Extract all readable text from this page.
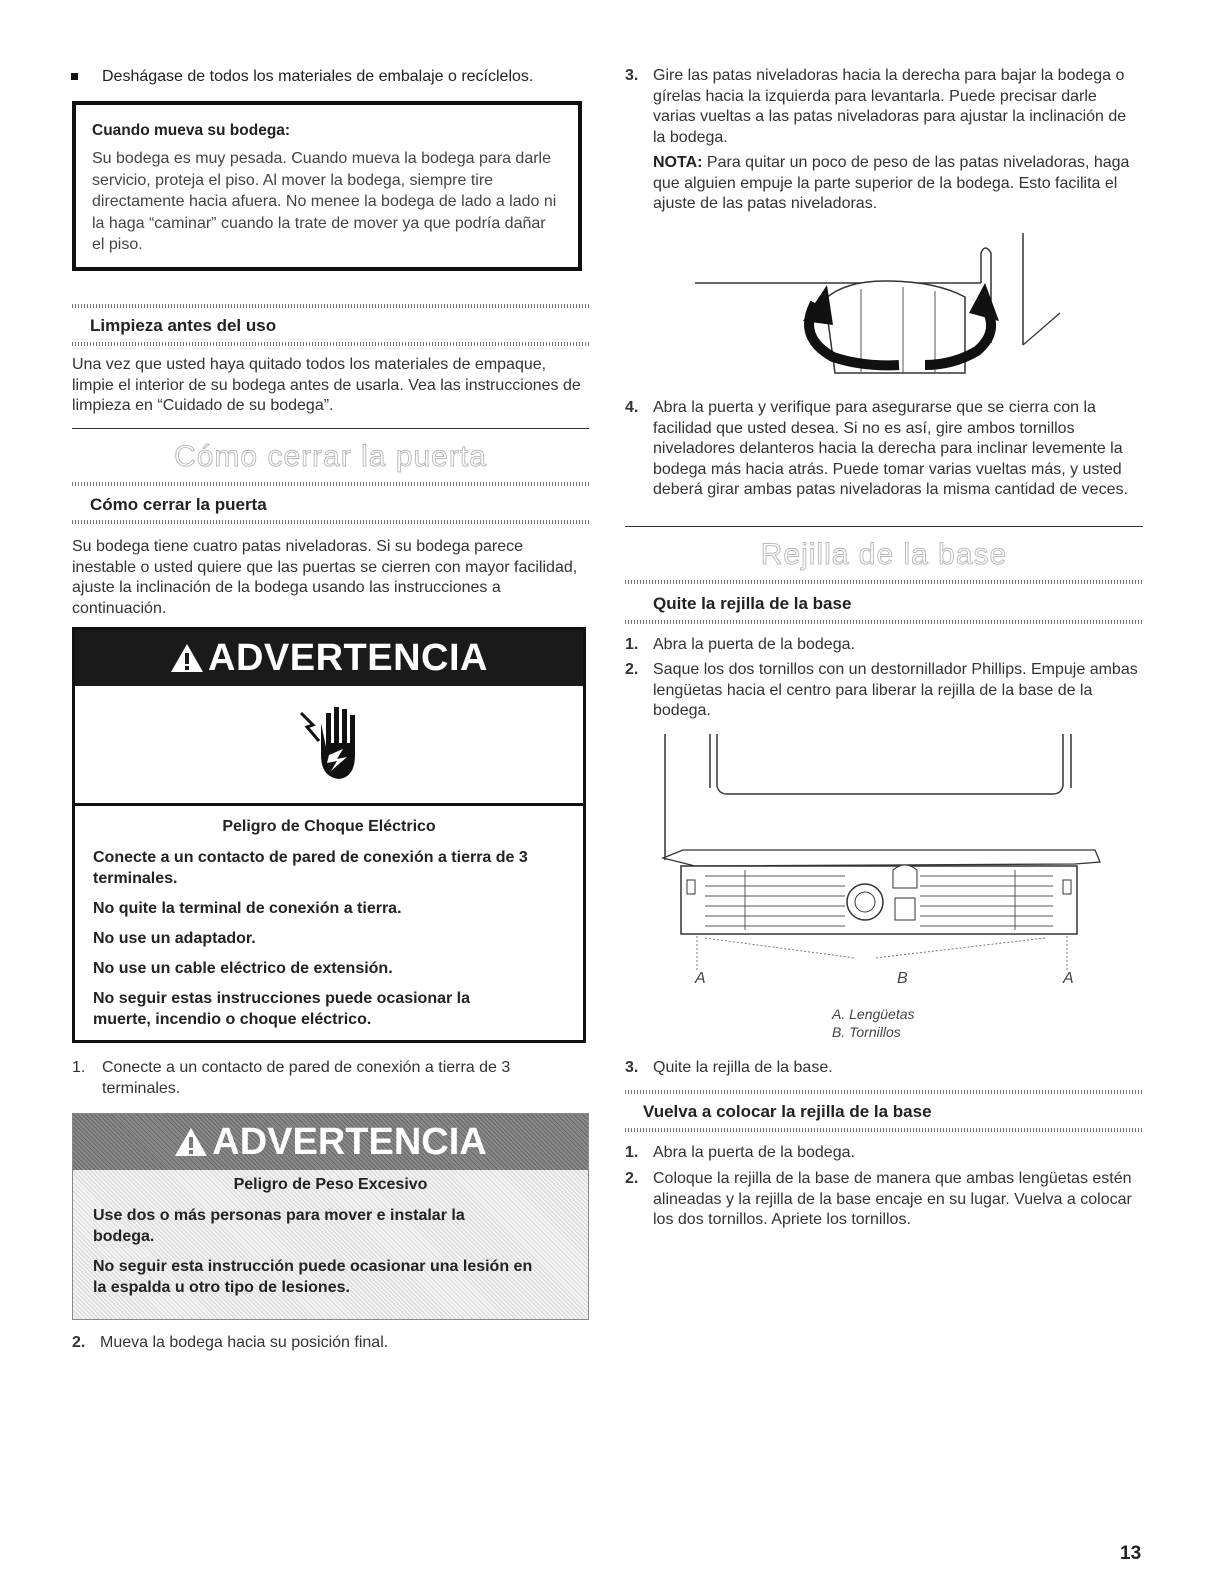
Deshágase de todos los materiales de embalaje o recíclelos.
Cuando mueva su bodega:
Su bodega es muy pesada. Cuando mueva la bodega para darle servicio, proteja el piso. Al mover la bodega, siempre tire directamente hacia afuera. No menee la bodega de lado a lado ni la haga “caminar” cuando la trate de mover ya que podría dañar el piso.
Limpieza antes del uso
Una vez que usted haya quitado todos los materiales de empaque, limpie el interior de su bodega antes de usarla. Vea las instrucciones de limpieza en “Cuidado de su bodega”.
Cómo cerrar la puerta
Cómo cerrar la puerta
Su bodega tiene cuatro patas niveladoras. Si su bodega parece inestable o usted quiere que las puertas se cierren con mayor facilidad, ajuste la inclinación de la bodega usando las instrucciones a continuación.
ADVERTENCIA
Peligro de Choque Eléctrico
Conecte a un contacto de pared de conexión a tierra de 3 terminales.
No quite la terminal de conexión a tierra.
No use un adaptador.
No use un cable eléctrico de extensión.
No seguir estas instrucciones puede ocasionar la muerte, incendio o choque eléctrico.
1. Conecte a un contacto de pared de conexión a tierra de 3 terminales.
ADVERTENCIA
Peligro de Peso Excesivo
Use dos o más personas para mover e instalar la bodega.
No seguir esta instrucción puede ocasionar una lesión en la espalda u otro tipo de lesiones.
2. Mueva la bodega hacia su posición final.
3. Gire las patas niveladoras hacia la derecha para bajar la bodega o gírelas hacia la izquierda para levantarla. Puede precisar darle varias vueltas a las patas niveladoras para ajustar la inclinación de la bodega.
NOTA: Para quitar un poco de peso de las patas niveladoras, haga que alguien empuje la parte superior de la bodega. Esto facilita el ajuste de las patas niveladoras.
4. Abra la puerta y verifique para asegurarse que se cierra con la facilidad que usted desea. Si no es así, gire ambos tornillos niveladores delanteros hacia la derecha para inclinar levemente la bodega más hacia atrás. Puede tomar varias vueltas más, y usted deberá girar ambas patas niveladoras la misma cantidad de veces.
Rejilla de la base
Quite la rejilla de la base
1. Abra la puerta de la bodega.
2. Saque los dos tornillos con un destornillador Phillips. Empuje ambas lengüetas hacia el centro para liberar la rejilla de la base de la bodega.
A	B	A
A. Lengüetas
B. Tornillos
3. Quite la rejilla de la base.
Vuelva a colocar la rejilla de la base
1. Abra la puerta de la bodega.
2. Coloque la rejilla de la base de manera que ambas lengüetas estén alineadas y la rejilla de la base encaje en su lugar. Vuelva a colocar los dos tornillos. Apriete los tornillos.
13
